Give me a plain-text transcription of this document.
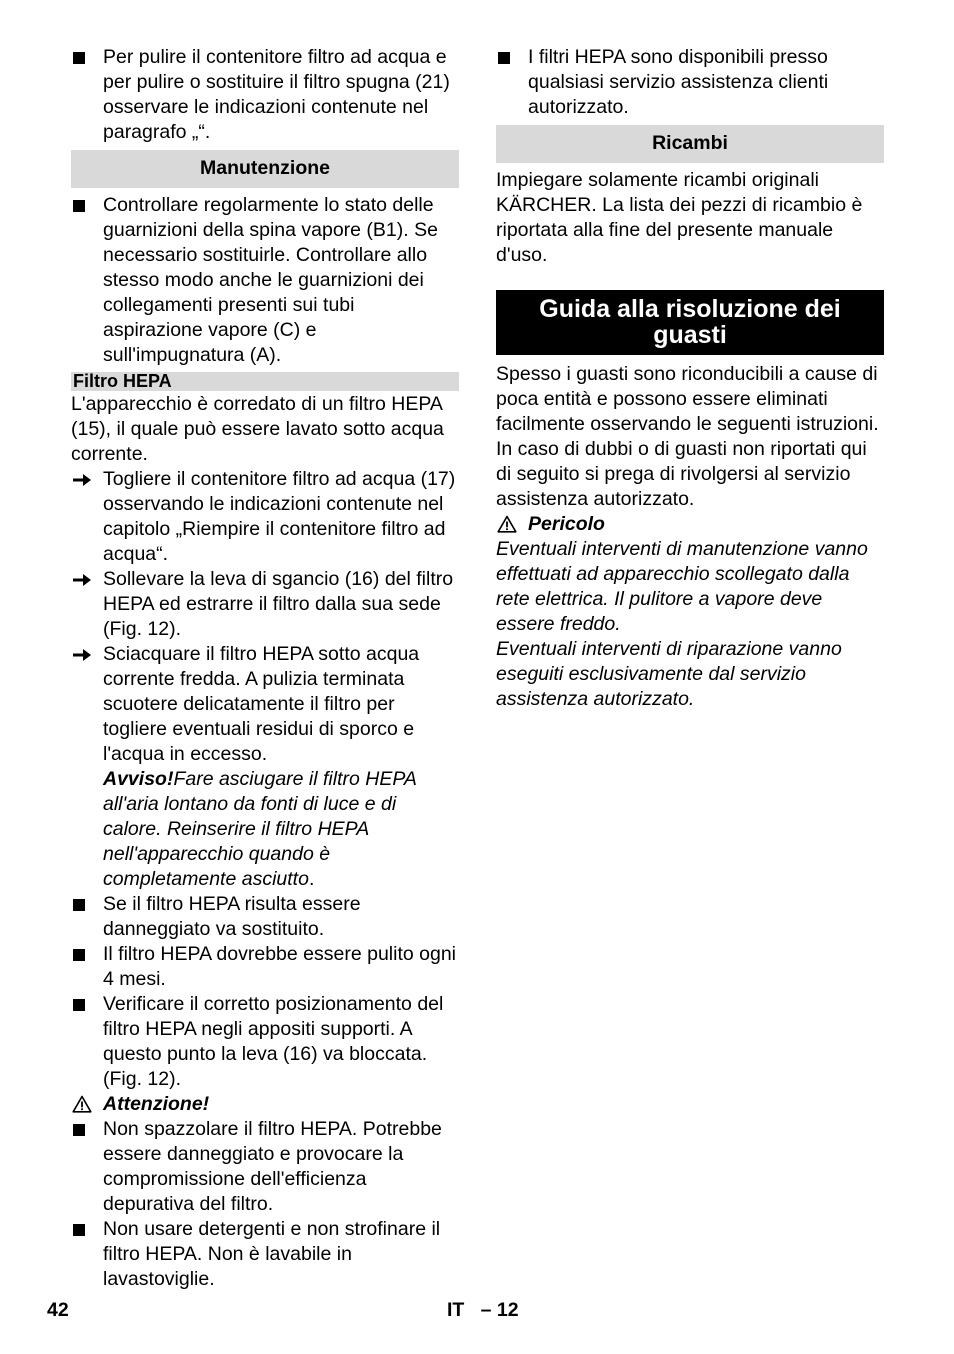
Per pulire il contenitore filtro ad acqua e per pulire o sostituire il filtro spugna (21) osservare le indicazioni contenute nel paragrafo „“.

Manutenzione

Controllare regolarmente lo stato delle guarnizioni della spina vapore (B1). Se necessario sostituirle. Controllare allo stesso modo anche le guarnizioni dei collegamenti presenti sui tubi aspirazione vapore (C) e sull'impugnatura (A).

Filtro HEPA

L'apparecchio è corredato di un filtro HEPA (15), il quale può essere lavato sotto acqua corrente.

Togliere il contenitore filtro ad acqua (17) osservando le indicazioni contenute nel capitolo „Riempire il contenitore filtro ad acqua“.

Sollevare la leva di sgancio (16) del filtro HEPA ed estrarre il filtro dalla sua sede (Fig. 12).

Sciacquare il filtro HEPA sotto acqua corrente fredda. A pulizia terminata scuotere delicatamente il filtro per togliere eventuali residui di sporco e l'acqua in eccesso.

Avviso!Fare asciugare il filtro HEPA all'aria lontano da fonti di luce e di calore. Reinserire il filtro HEPA nell'apparecchio quando è completamente asciutto.

Se il filtro HEPA risulta essere danneggiato va sostituito.

Il filtro HEPA dovrebbe essere pulito ogni 4 mesi.

Verificare il corretto posizionamento del filtro HEPA negli appositi supporti. A questo punto la leva (16) va bloccata. (Fig. 12).

Attenzione!

Non spazzolare il filtro HEPA. Potrebbe essere danneggiato e provocare la compromissione dell'efficienza depurativa del filtro.

Non usare detergenti e non strofinare il filtro HEPA. Non è lavabile in lavastoviglie.

I filtri HEPA sono disponibili presso qualsiasi servizio assistenza clienti autorizzato.

Ricambi

Impiegare solamente ricambi originali KÄRCHER. La lista dei pezzi di ricambio è riportata alla fine del presente manuale d'uso.

Guida alla risoluzione dei guasti

Spesso i guasti sono riconducibili a cause di poca entità e possono essere eliminati facilmente osservando le seguenti istruzioni. In caso di dubbi o di guasti non riportati qui di seguito si prega di rivolgersi al servizio assistenza autorizzato.

Pericolo

Eventuali interventi di manutenzione vanno effettuati ad apparecchio scollegato dalla rete elettrica. Il pulitore a vapore deve essere freddo.

Eventuali interventi di riparazione vanno eseguiti esclusivamente dal servizio assistenza autorizzato.

42	IT   – 12
